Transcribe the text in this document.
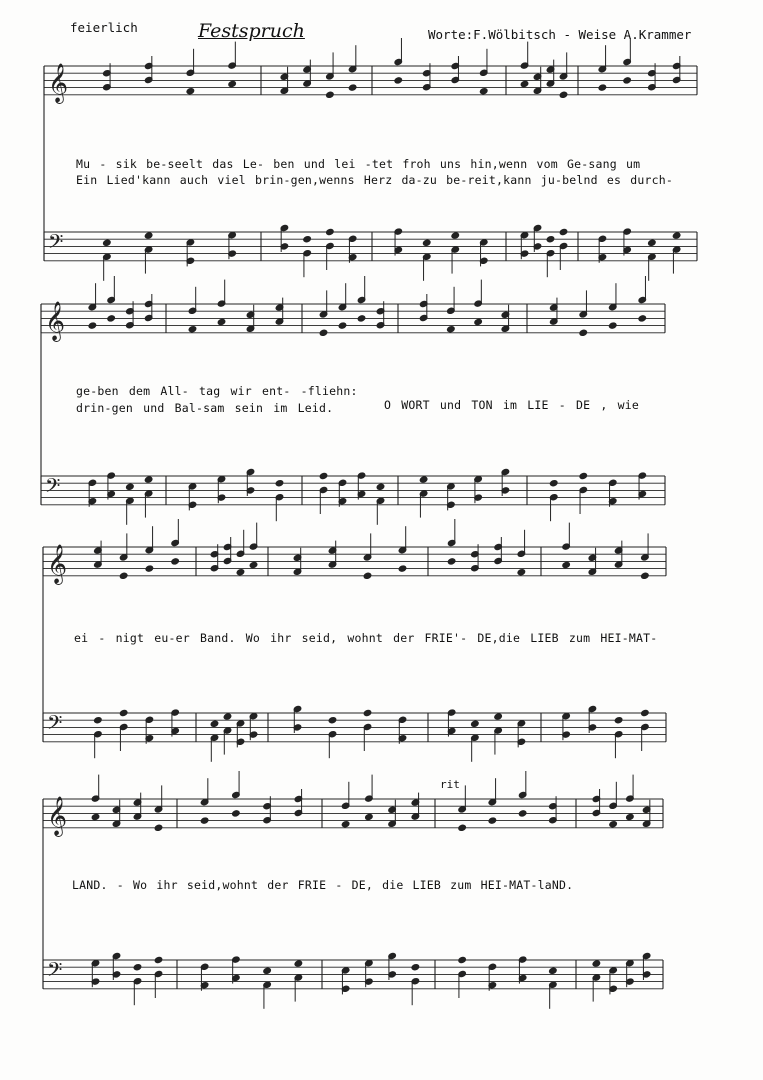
feierlich	Festspruch	Worte:F.Wölbitsch - Weise A.Krammer
𝄞
𝄢
𝄞
𝄢
𝄞
𝄢
𝄞
𝄢
Mu - sik be-seelt das Le- ben und lei -tet froh uns hin,wenn vom Ge-sang um
Ein Lied'kann auch viel brin-gen,wenns Herz da-zu be-reit,kann ju-belnd es durch-
ge-ben dem All- tag wir ent- -fliehn:
drin-gen und Bal-sam sein im Leid.	O WORT und TON im LIE - DE , wie
ei - nigt eu-er Band. Wo ihr seid, wohnt der FRIE'- DE,die LIEB zum HEI-MAT-
LAND. - Wo ihr seid,wohnt der FRIE - DE, die LIEB zum HEI-MAT-laND.
rit
